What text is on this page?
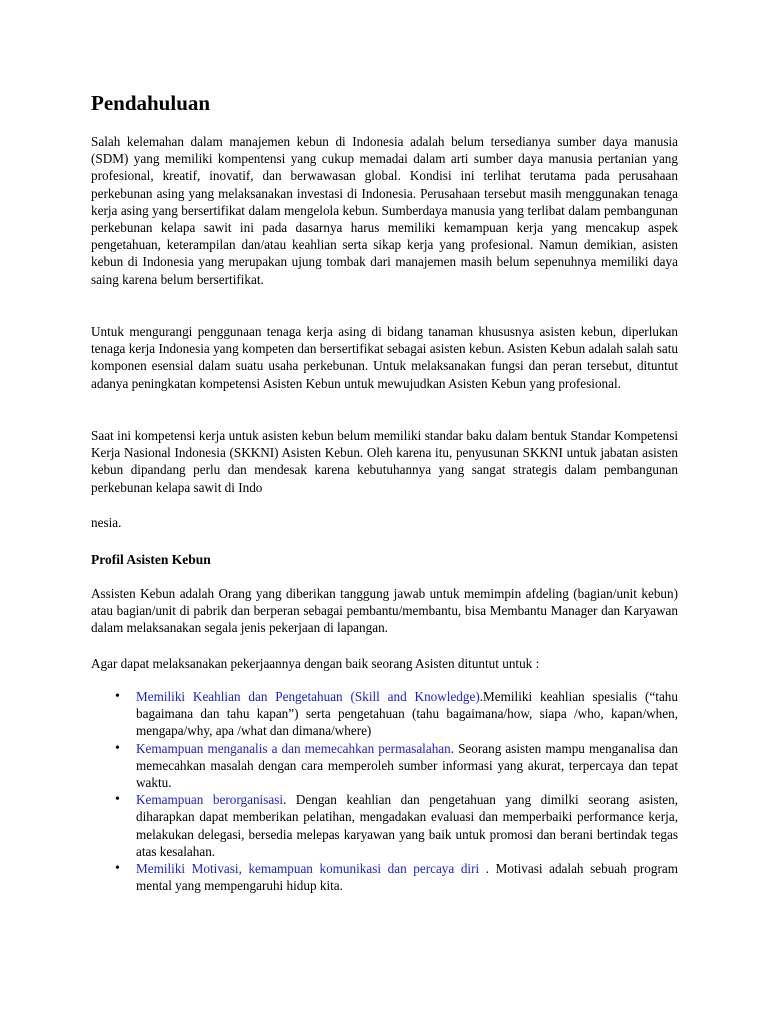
Pendahuluan

Salah kelemahan dalam manajemen kebun di Indonesia adalah belum tersedianya sumber daya manusia (SDM) yang memiliki kompentensi yang cukup memadai dalam arti sumber daya manusia pertanian yang profesional, kreatif, inovatif, dan berwawasan global. Kondisi ini terlihat terutama pada perusahaan perkebunan asing yang melaksanakan investasi di Indonesia. Perusahaan tersebut masih menggunakan tenaga kerja asing yang bersertifikat dalam mengelola kebun. Sumberdaya manusia yang terlibat dalam pembangunan perkebunan kelapa sawit ini pada dasarnya harus memiliki kemampuan kerja yang mencakup aspek pengetahuan, keterampilan dan/atau keahlian serta sikap kerja yang profesional. Namun demikian, asisten kebun di Indonesia yang merupakan ujung tombak dari manajemen masih belum sepenuhnya memiliki daya saing karena belum bersertifikat.

Untuk mengurangi penggunaan tenaga kerja asing di bidang tanaman khususnya asisten kebun, diperlukan tenaga kerja Indonesia yang kompeten dan bersertifikat sebagai asisten kebun. Asisten Kebun adalah salah satu komponen esensial dalam suatu usaha perkebunan. Untuk melaksanakan fungsi dan peran tersebut, dituntut adanya peningkatan kompetensi Asisten Kebun untuk mewujudkan Asisten Kebun yang profesional.

Saat ini kompetensi kerja untuk asisten kebun belum memiliki standar baku dalam bentuk Standar Kompetensi Kerja Nasional Indonesia (SKKNI) Asisten Kebun. Oleh karena itu, penyusunan SKKNI untuk jabatan asisten kebun dipandang perlu dan mendesak karena kebutuhannya yang sangat strategis dalam pembangunan perkebunan kelapa sawit di Indo

nesia.

Profil Asisten Kebun

Assisten Kebun adalah Orang yang diberikan tanggung jawab untuk memimpin afdeling (bagian/unit kebun) atau bagian/unit di pabrik dan berperan sebagai pembantu/membantu, bisa Membantu Manager dan Karyawan dalam melaksanakan segala jenis pekerjaan di lapangan.

Agar dapat melaksanakan pekerjaannya dengan baik seorang Asisten dituntut untuk :

• Memiliki Keahlian dan Pengetahuan (Skill and Knowledge).Memiliki keahlian spesialis (“tahu bagaimana dan tahu kapan”) serta pengetahuan (tahu bagaimana/how, siapa /who, kapan/when, mengapa/why, apa /what dan dimana/where)
• Kemampuan menganalis a dan memecahkan permasalahan. Seorang asisten mampu menganalisa dan memecahkan masalah dengan cara memperoleh sumber informasi yang akurat, terpercaya dan tepat waktu.
• Kemampuan berorganisasi. Dengan keahlian dan pengetahuan yang dimilki seorang asisten, diharapkan dapat memberikan pelatihan, mengadakan evaluasi dan memperbaiki performance kerja, melakukan delegasi, bersedia melepas karyawan yang baik untuk promosi dan berani bertindak tegas atas kesalahan.
• Memiliki Motivasi, kemampuan komunikasi dan percaya diri . Motivasi adalah sebuah program mental yang mempengaruhi hidup kita.
